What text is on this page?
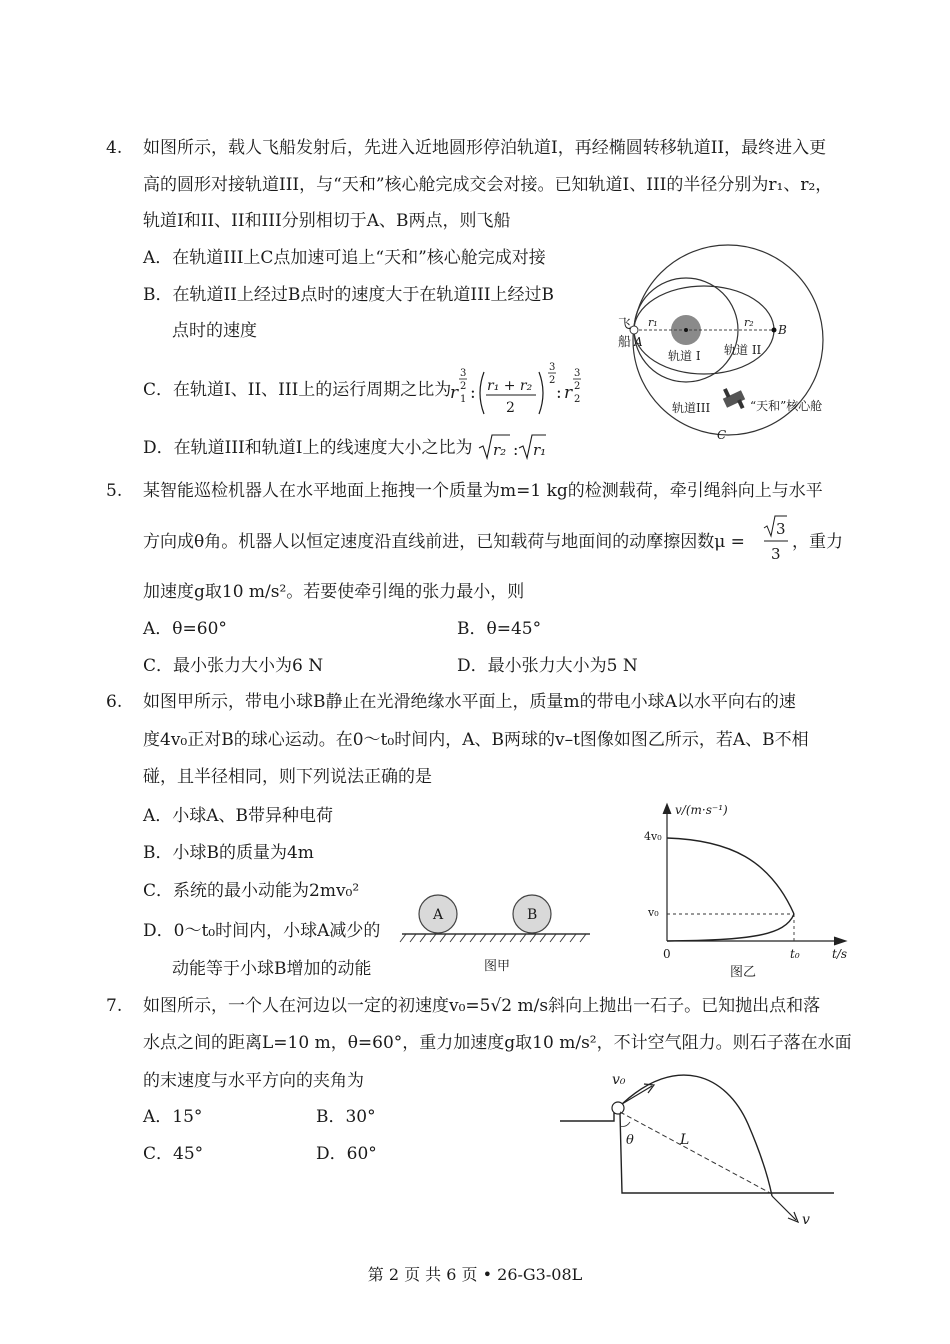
4. 如图所示，载人飞船发射后，先进入近地圆形停泊轨道I，再经椭圆转移轨道II，最终进入更
高的圆形对接轨道III，与“天和”核心舱完成交会对接。已知轨道I、III的半径分别为r₁、r₂，
轨道I和II、II和III分别相切于A、B两点，则飞船
A．在轨道III上C点加速可追上“天和”核心舱完成对接
B．在轨道II上经过B点时的速度大于在轨道III上经过B
点时的速度
C．在轨道I、II、III上的运行周期之比为
r 1
3
2 : r₁ + r₂
2
3
2
: r 2
3
2
D．在轨道III和轨道I上的线速度大小之比为 r₂ : r₁
飞
船 A
r₁	r₂
B
轨道 I 轨道 II
轨道III	“天和”核心舱
C
5. 某智能巡检机器人在水平地面上拖拽一个质量为m=1 kg的检测载荷，牵引绳斜向上与水平
方向成θ角。机器人以恒定速度沿直线前进，已知载荷与地面间的动摩擦因数μ =
3
3
，重力
加速度g取10 m/s²。若要使牵引绳的张力最小，则
A．θ=60°	B．θ=45°
C．最小张力大小为6 N	D．最小张力大小为5 N
6. 如图甲所示，带电小球B静止在光滑绝缘水平面上，质量m的带电小球A以水平向右的速
度4v₀正对B的球心运动。在0～t₀时间内，A、B两球的v–t图像如图乙所示，若A、B不相
碰，且半径相同，则下列说法正确的是
A．小球A、B带异种电荷
B．小球B的质量为4m
C．系统的最小动能为2mv₀²
D．0～t₀时间内，小球A减少的
动能等于小球B增加的动能
A	B
图甲
v/(m·s⁻¹)
4v₀
v₀
0	t₀	t/s
图乙
7. 如图所示，一个人在河边以一定的初速度v₀=5√2 m/s斜向上抛出一石子。已知抛出点和落
水点之间的距离L=10 m，θ=60°，重力加速度g取10 m/s²，不计空气阻力。则石子落在水面
的末速度与水平方向的夹角为
A．15°	B．30°
C．45°	D．60°
v₀
v
L
θ
第 2 页 共 6 页 • 26-G3-08L
